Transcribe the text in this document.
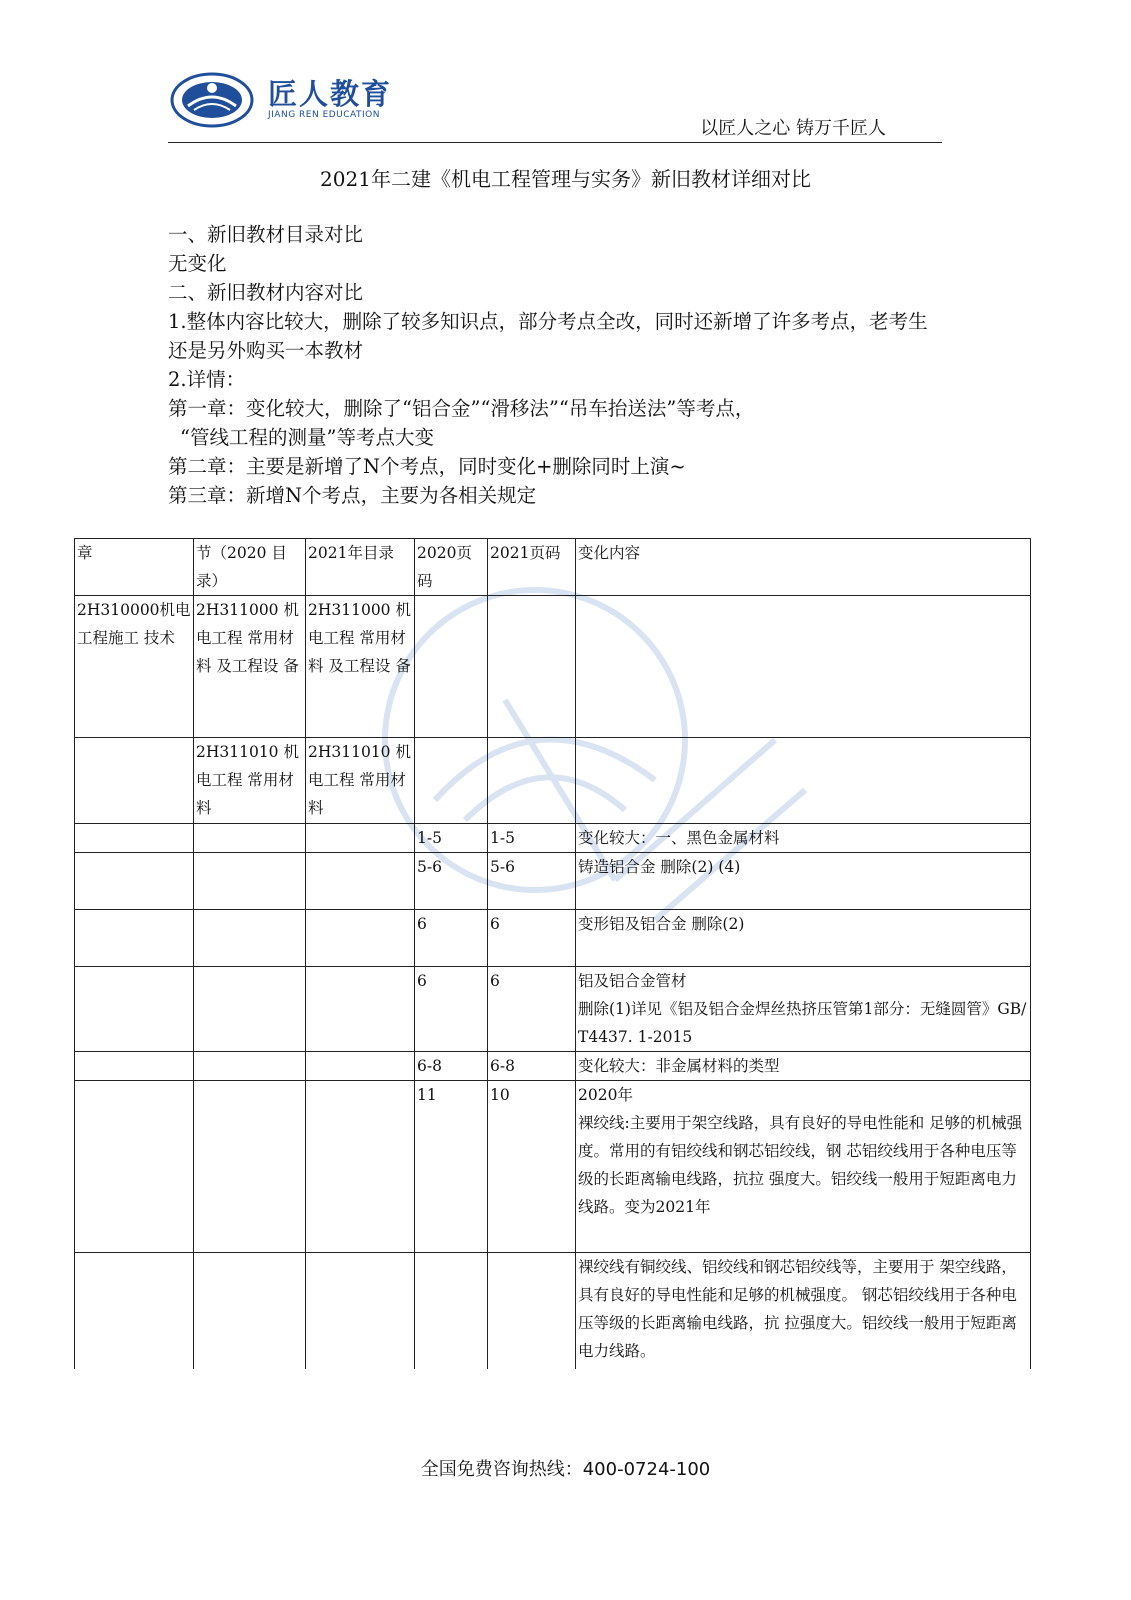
匠人教育
JIANG REN EDUCATION
以匠人之心 铸万千匠人
2021年二建《机电工程管理与实务》新旧教材详细对比

一、新旧教材目录对比

无变化

二、新旧教材内容对比

1.整体内容比较大，删除了较多知识点，部分考点全改，同时还新增了许多考点，老考生还是另外购买一本教材

2.详情：

第一章：变化较大，删除了“铝合金”“滑移法”“吊车抬送法”等考点，

“管线工程的测量”等考点大变

第二章：主要是新增了N个考点，同时变化+删除同时上演~

第三章：新增N个考点，主要为各相关规定

章	节（2020 目录）	2021年目录	2020页码	2021页码	变化内容
2H310000机电工程施工 技术	2H311000 机电工程 常用材料 及工程设 备	2H311000 机电工程 常用材料 及工程设 备			
	2H311010 机电工程 常用材料	2H311010 机电工程 常用材料			
			1-5	1-5	变化较大：一、黑色金属材料
			5-6	5-6	铸造铝合金 删除(2) (4)
			6	6	变形铝及铝合金 删除(2)
			6	6	铝及铝合金管材
删除(1)详见《铝及铝合金焊丝热挤压管第1部分：无缝圆管》GB/T4437. 1-2015
			6-8	6-8	变化较大：非金属材料的类型
			11	10	2020年
裸绞线:主要用于架空线路，具有良好的导电性能和 足够的机械强度。常用的有铝绞线和钢芯铝绞线，钢 芯铝绞线用于各种电压等级的长距离输电线路，抗拉 强度大。铝绞线一般用于短距离电力线路。变为2021年
					裸绞线有铜绞线、铝绞线和钢芯铝绞线等，主要用于 架空线路，具有良好的导电性能和足够的机械强度。 钢芯铝绞线用于各种电压等级的长距离输电线路，抗 拉强度大。铝绞线一般用于短距离电力线路。
全国免费咨询热线：400-0724-100
